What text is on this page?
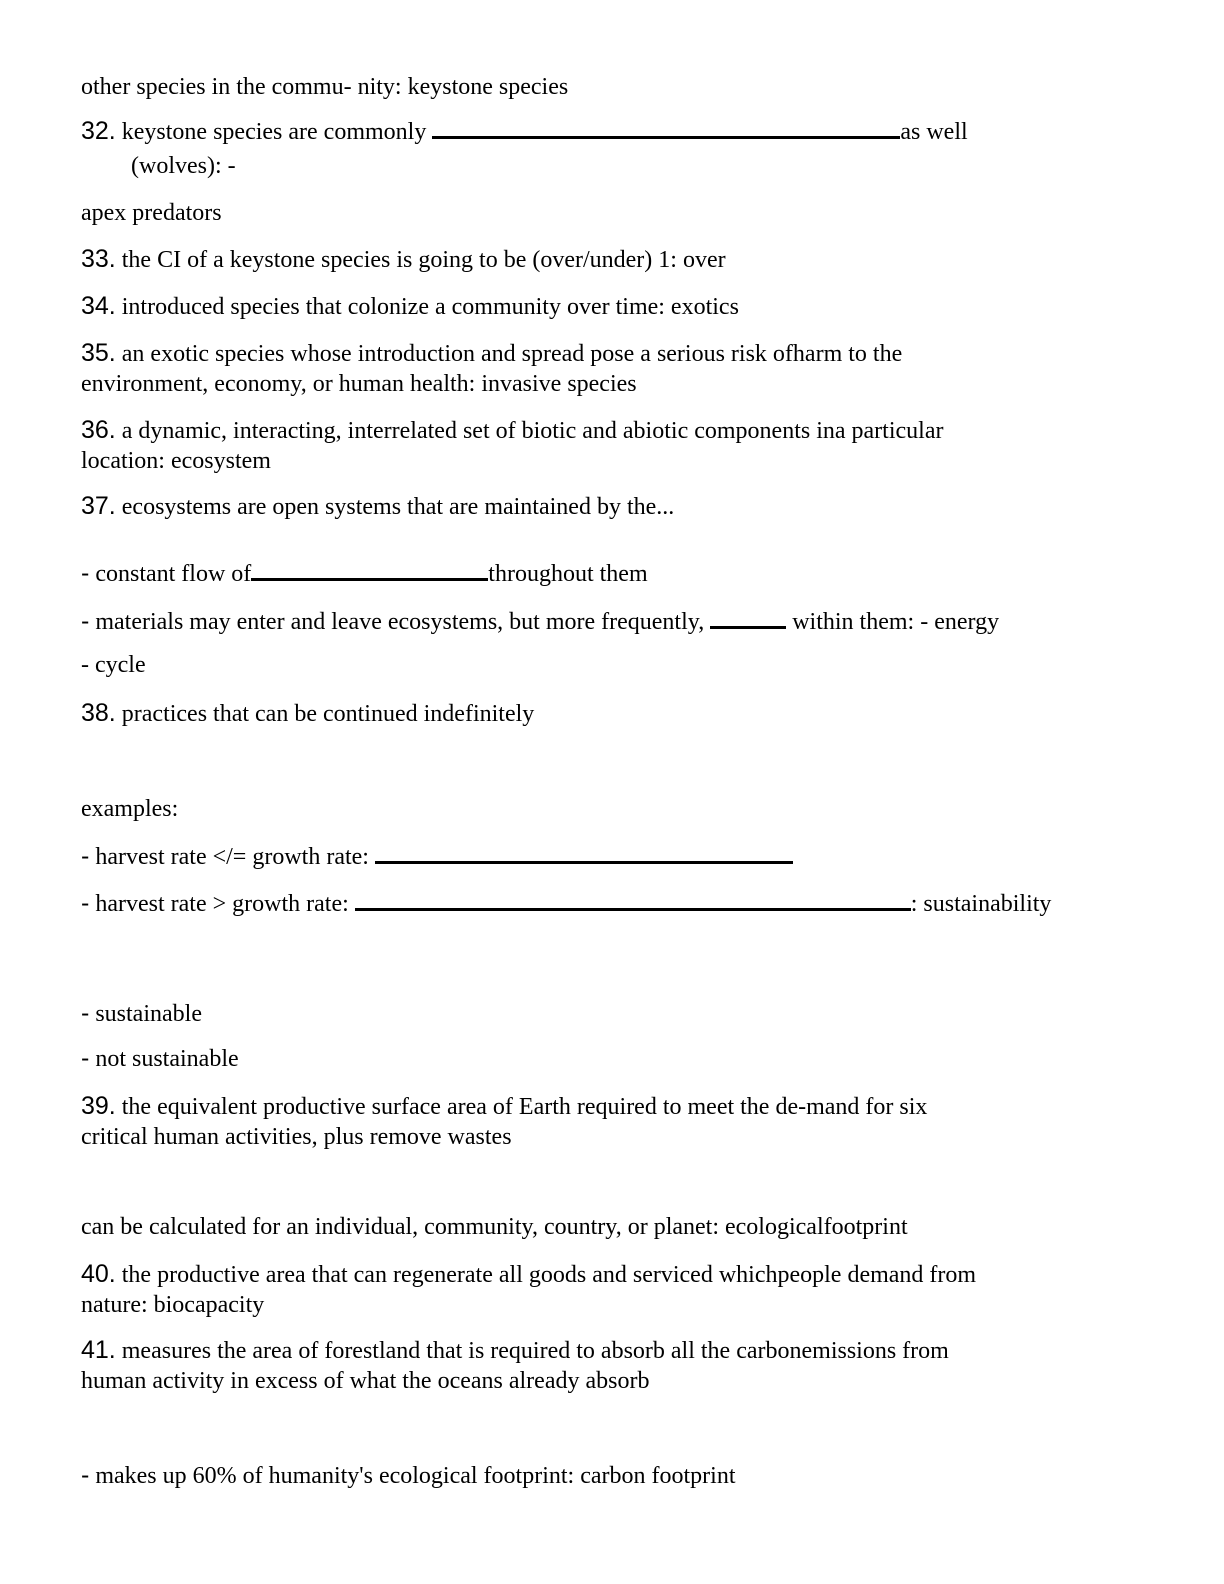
other species in the commu- nity: keystone species
32. keystone species are commonly	as well
(wolves): -
apex predators
33. the CI of a keystone species is going to be (over/under) 1: over
34. introduced species that colonize a community over time: exotics
35. an exotic species whose introduction and spread pose a serious risk ofharm to the
environment, economy, or human health: invasive species
36. a dynamic, interacting, interrelated set of biotic and abiotic components ina particular
location: ecosystem
37. ecosystems are open systems that are maintained by the...
- constant flow of	throughout them
- materials may enter and leave ecosystems, but more frequently,	within them: - energy
- cycle
38. practices that can be continued indefinitely
examples:
- harvest rate </= growth rate:
- harvest rate > growth rate:	: sustainability
- sustainable
- not sustainable
39. the equivalent productive surface area of Earth required to meet the de-mand for six
critical human activities, plus remove wastes
can be calculated for an individual, community, country, or planet: ecologicalfootprint
40. the productive area that can regenerate all goods and serviced whichpeople demand from
nature: biocapacity
41. measures the area of forestland that is required to absorb all the carbonemissions from
human activity in excess of what the oceans already absorb
- makes up 60% of humanity's ecological footprint: carbon footprint
